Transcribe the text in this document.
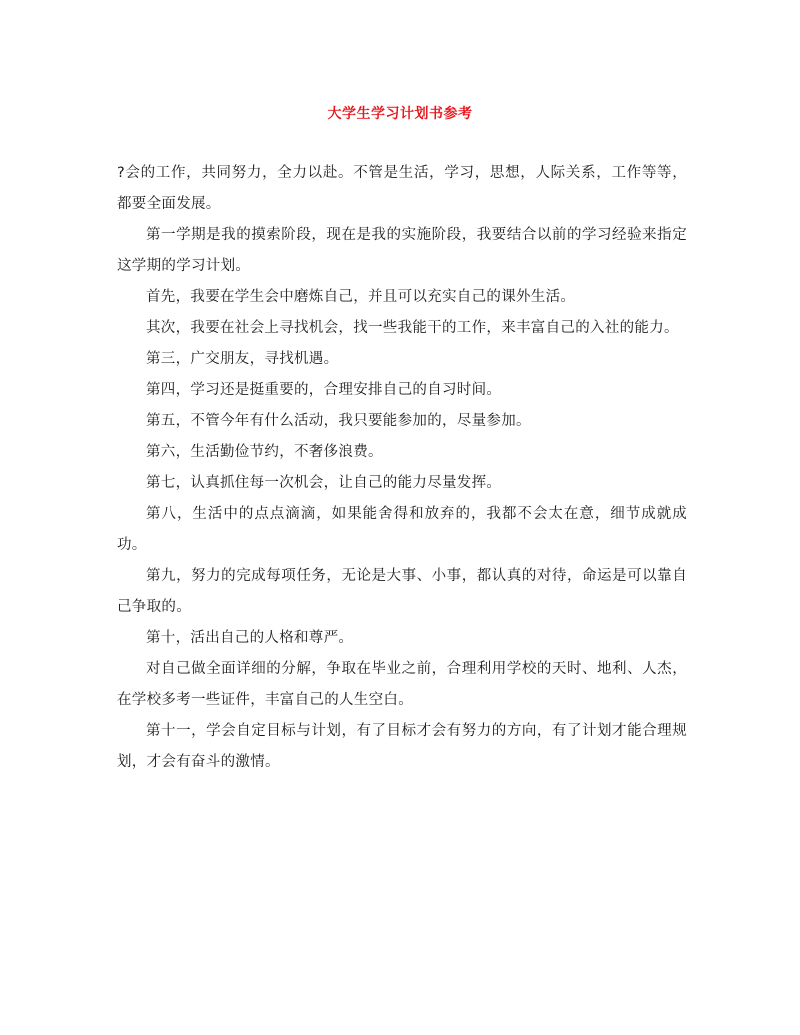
大学生学习计划书参考

?会的工作，共同努力，全力以赴。不管是生活，学习，思想，人际关系，工作等等，都要全面发展。

第一学期是我的摸索阶段，现在是我的实施阶段，我要结合以前的学习经验来指定这学期的学习计划。

首先，我要在学生会中磨炼自己，并且可以充实自己的课外生活。

其次，我要在社会上寻找机会，找一些我能干的工作，来丰富自己的入社的能力。

第三，广交朋友，寻找机遇。

第四，学习还是挺重要的，合理安排自己的自习时间。

第五，不管今年有什么活动，我只要能参加的，尽量参加。

第六，生活勤俭节约，不奢侈浪费。

第七，认真抓住每一次机会，让自己的能力尽量发挥。

第八，生活中的点点滴滴，如果能舍得和放弃的，我都不会太在意，细节成就成功。

第九，努力的完成每项任务，无论是大事、小事，都认真的对待，命运是可以靠自己争取的。

第十，活出自己的人格和尊严。

对自己做全面详细的分解，争取在毕业之前，合理利用学校的天时、地利、人杰，在学校多考一些证件，丰富自己的人生空白。

第十一，学会自定目标与计划，有了目标才会有努力的方向，有了计划才能合理规划，才会有奋斗的激情。
